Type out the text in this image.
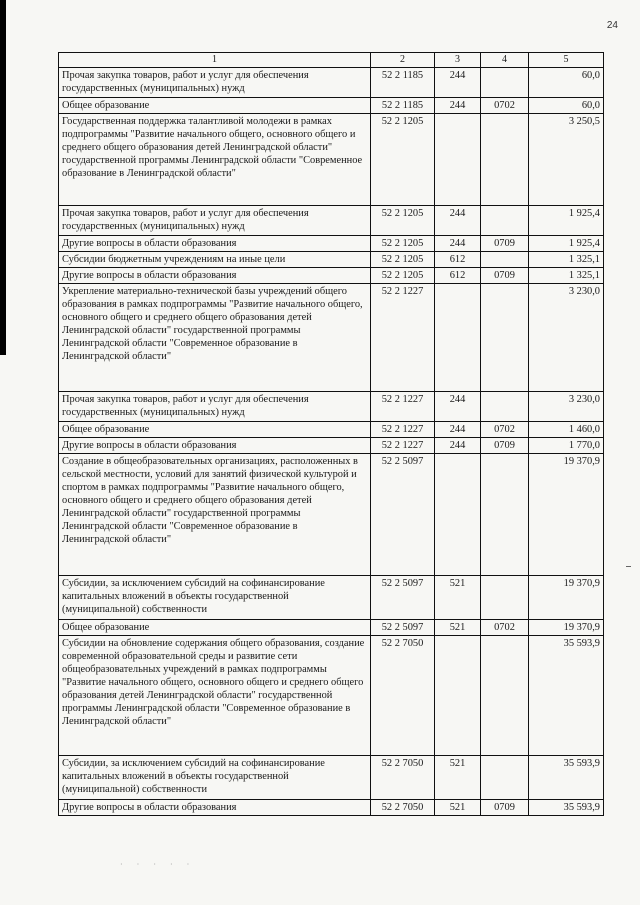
· · · · ·
24
1	2	3	4	5
Прочая закупка товаров, работ и услуг для обеспечения государственных (муниципальных) нужд	52 2 1185	244		60,0
Общее образование	52 2 1185	244	0702	60,0
Государственная поддержка талантливой молодежи в рамках подпрограммы "Развитие начального общего, основного общего и среднего общего образования детей Ленинградской области" государственной программы Ленинградской области "Современное образование в Ленинградской области"	52 2 1205			3 250,5
Прочая закупка товаров, работ и услуг для обеспечения государственных (муниципальных) нужд	52 2 1205	244		1 925,4
Другие вопросы в области образования	52 2 1205	244	0709	1 925,4
Субсидии бюджетным учреждениям на иные цели	52 2 1205	612		1 325,1
Другие вопросы в области образования	52 2 1205	612	0709	1 325,1
Укрепление материально-технической базы учреждений общего образования в рамках подпрограммы "Развитие начального общего, основного общего и среднего общего образования детей Ленинградской области" государственной программы Ленинградской области "Современное образование в Ленинградской области"	52 2 1227			3 230,0
Прочая закупка товаров, работ и услуг для обеспечения государственных (муниципальных) нужд	52 2 1227	244		3 230,0
Общее образование	52 2 1227	244	0702	1 460,0
Другие вопросы в области образования	52 2 1227	244	0709	1 770,0
Создание в общеобразовательных организациях, расположенных в сельской местности, условий для занятий физической культурой и спортом в рамках подпрограммы "Развитие начального общего, основного общего и среднего общего образования детей Ленинградской области" государственной программы Ленинградской области "Современное образование в Ленинградской области"	52 2 5097			19 370,9
Субсидии, за исключением субсидий на софинансирование капитальных вложений в объекты государственной (муниципальной) собственности	52 2 5097	521		19 370,9
Общее образование	52 2 5097	521	0702	19 370,9
Субсидии на обновление содержания общего образования, создание современной образовательной среды и развитие сети общеобразовательных учреждений в рамках подпрограммы "Развитие начального общего, основного общего и среднего общего образования детей Ленинградской области" государственной программы Ленинградской области "Современное образование в Ленинградской области"	52 2 7050			35 593,9
Субсидии, за исключением субсидий на софинансирование капитальных вложений в объекты государственной (муниципальной) собственности	52 2 7050	521		35 593,9
Другие вопросы в области образования	52 2 7050	521	0709	35 593,9
